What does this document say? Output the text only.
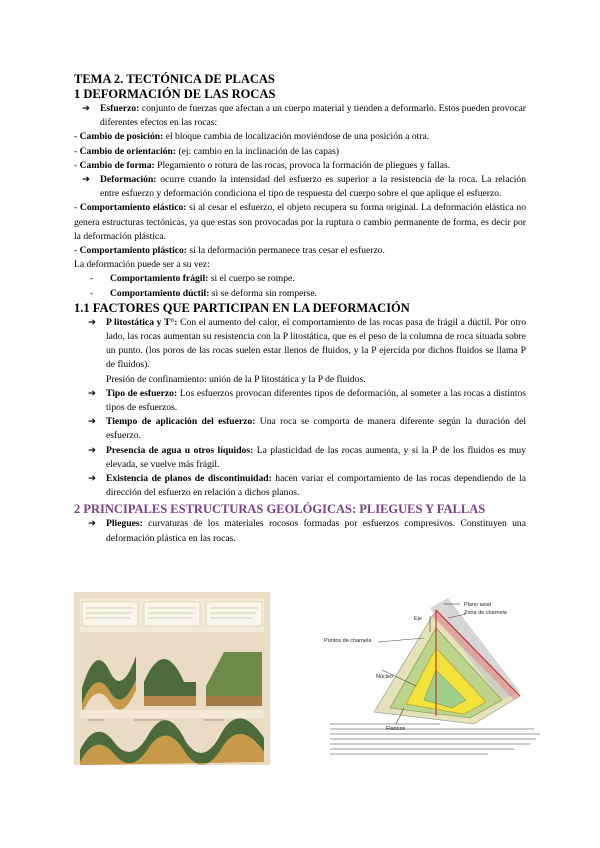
TEMA 2. TECTÓNICA DE PLACAS

1 DEFORMACIÓN DE LAS ROCAS

➔ Esfuerzo: conjunto de fuerzas que afectan a un cuerpo material y tienden a deformarlo. Estos pueden provocar diferentes efectos en las rocas:

- Cambio de posición: el bloque cambia de localización moviéndose de una posición a otra.

- Cambio de orientación: (ej: cambio en la inclinación de las capas)

- Cambio de forma: Plegamiento o rotura de las rocas, provoca la formación de pliegues y fallas.

➔ Deformación: ocurre cuando la intensidad del esfuerzo es superior a la resistencia de la roca. La relación entre esfuerzo y deformación condiciona el tipo de respuesta del cuerpo sobre el que aplique el esfuerzo.

- Comportamiento elástico: si al cesar el esfuerzo, el objeto recupera su forma original. La deformación elástica no genera estructuras tectónicas, ya que estas son provocadas por la ruptura o cambio permanente de forma, es decir por la deformación plástica.

- Comportamiento plástico: si la deformación permanece tras cesar el esfuerzo.

La deformación puede ser a su vez:

- Comportamiento frágil: si el cuerpo se rompe.

- Comportamiento dúctil: si se deforma sin romperse.

1.1 FACTORES QUE PARTICIPAN EN LA DEFORMACIÓN

➔ P litostática y T°: Con el aumento del calor, el comportamiento de las rocas pasa de frágil a dúctil. Por otro lado, las rocas aumentan su resistencia con la P litostática, que es el peso de la columna de roca situada sobre un punto. (los poros de las rocas suelen estar llenos de fluidos, y la P ejercida por dichos fluidos se llama P de fluidos).

Presión de confinamiento: unión de la P litostática y la P de fluidos.

➔ Tipo de esfuerzo: Los esfuerzos provocan diferentes tipos de deformación, al someter a las rocas a distintos tipos de esfuerzos.

➔ Tiempo de aplicación del esfuerzo: Una roca se comporta de manera diferente según la duración del esfuerzo.

➔ Presencia de agua u otros líquidos: La plasticidad de las rocas aumenta, y si la P de los fluidos es muy elevada, se vuelve más frágil.

➔ Existencia de planos de discontinuidad: hacen variar el comportamiento de las rocas dependiendo de la dirección del esfuerzo en relación a dichos planos.

2 PRINCIPALES ESTRUCTURAS GEOLÓGICAS: PLIEGUES Y FALLAS

➔ Pliegues: curvaturas de los materiales rocosos formadas por esfuerzos compresivos. Constituyen una deformación plástica en las rocas.

Plano axial
Zona de charnela
Eje
Puntos de charnela
Núcleo
Flancos
